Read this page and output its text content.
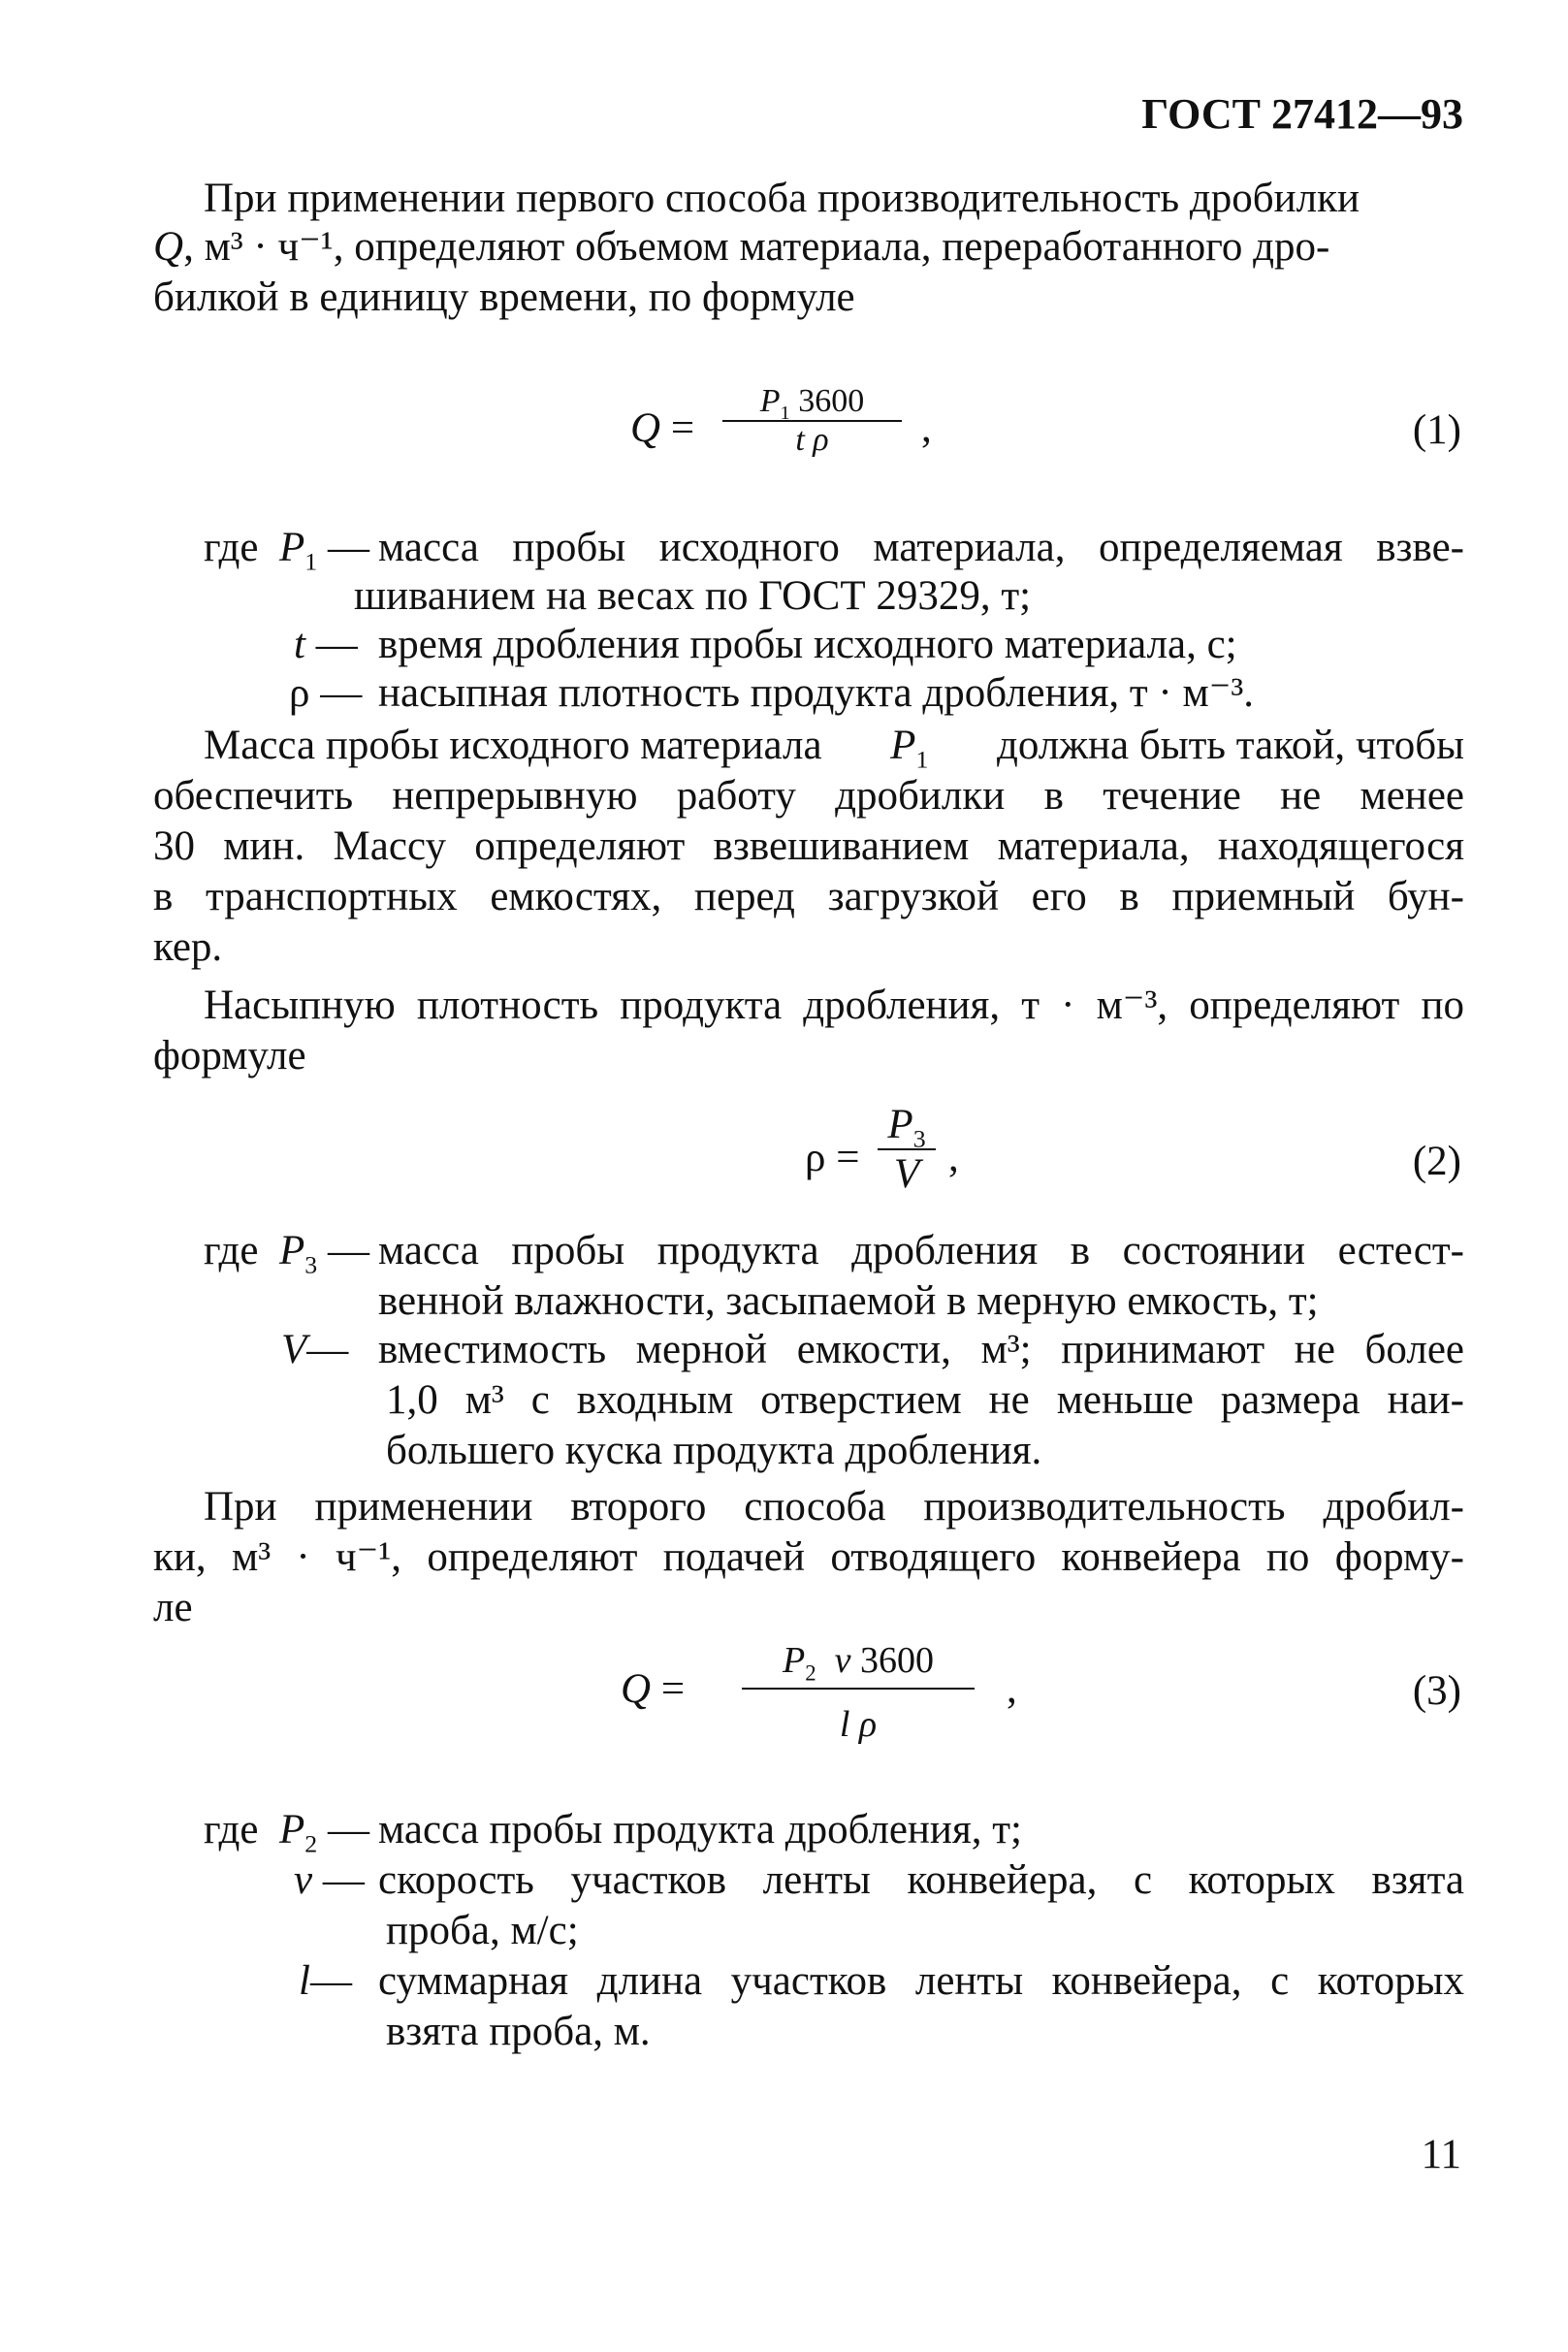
ГОСТ 27412—93
При применении первого способа производительность дробилки
Q, м³ · ч⁻¹, определяют объемом материала, переработанного дро-
билкой в единицу времени, по формуле
Q =
$P_1$ 3600
t ρ ,	(1)
где $P_1$ — масса пробы исходного материала, определяемая взве-
шиванием на весах по ГОСТ 29329, т;
t — время дробления пробы исходного материала, с;
ρ — насыпная плотность продукта дробления, т · м⁻³.
Масса пробы исходного материала $P_1$ должна быть такой, чтобы
обеспечить непрерывную работу дробилки в течение не менее
30 мин. Массу определяют взвешиванием материала, находящегося
в транспортных емкостях, перед загрузкой его в приемный бун-
кер.
Насыпную плотность продукта дробления, т · м⁻³, определяют по
формуле
ρ =
$P_3$
V ,	(2)
где $P_3$ — масса пробы продукта дробления в состоянии естест-
венной влажности, засыпаемой в мерную емкость, т;
V— вместимость мерной емкости, м³; принимают не более
1,0 м³ с входным отверстием не меньше размера наи-
большего куска продукта дробления.
При применении второго способа производительность дробил-
ки, м³ · ч⁻¹, определяют подачей отводящего конвейера по форму-
ле
Q =
$P_2$ v 3600
l ρ
,	(3)
где $P_2$ — масса пробы продукта дробления, т;
v — скорость участков ленты конвейера, с которых взята
проба, м/с;
l— суммарная длина участков ленты конвейера, с которых
взята проба, м.
11
